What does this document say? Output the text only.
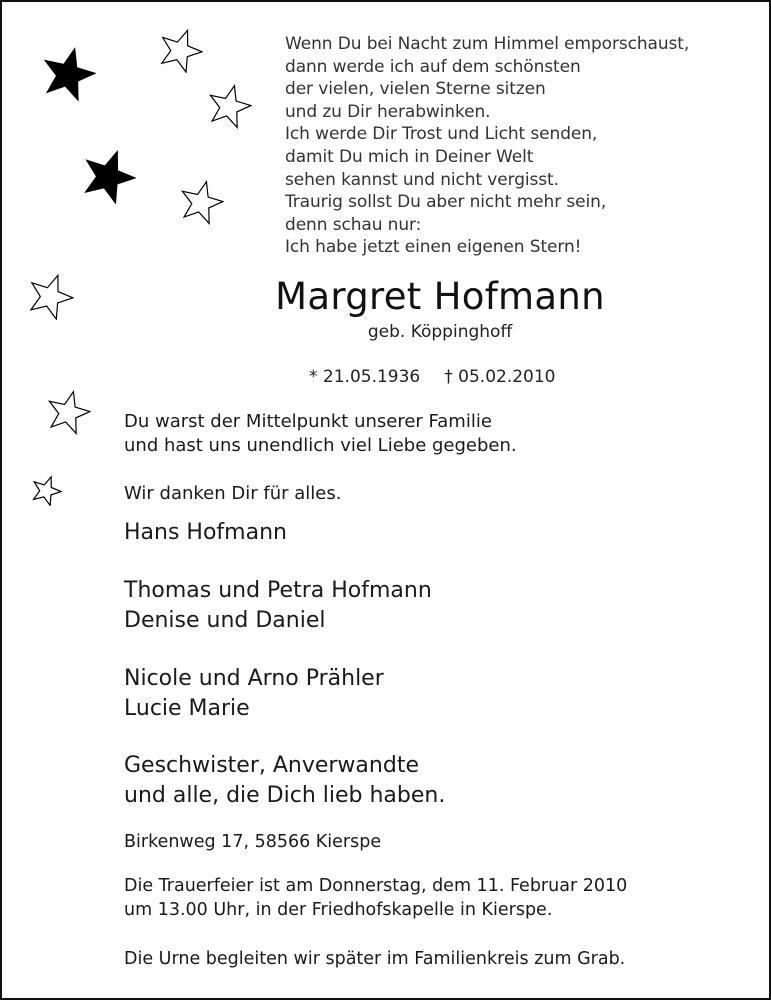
Wenn Du bei Nacht zum Himmel emporschaust,
dann werde ich auf dem schönsten
der vielen, vielen Sterne sitzen
und zu Dir herabwinken.
Ich werde Dir Trost und Licht senden,
damit Du mich in Deiner Welt
sehen kannst und nicht vergisst.
Traurig sollst Du aber nicht mehr sein,
denn schau nur:
Ich habe jetzt einen eigenen Stern!
Margret Hofmann
geb. Köppinghoff
* 21.05.1936 † 05.02.2010
Du warst der Mittelpunkt unserer Familie
und hast uns unendlich viel Liebe gegeben.
Wir danken Dir für alles.
Hans Hofmann
Thomas und Petra Hofmann
Denise und Daniel
Nicole und Arno Prähler
Lucie Marie
Geschwister, Anverwandte
und alle, die Dich lieb haben.
Birkenweg 17, 58566 Kierspe
Die Trauerfeier ist am Donnerstag, dem 11. Februar 2010
um 13.00 Uhr, in der Friedhofskapelle in Kierspe.
Die Urne begleiten wir später im Familienkreis zum Grab.
